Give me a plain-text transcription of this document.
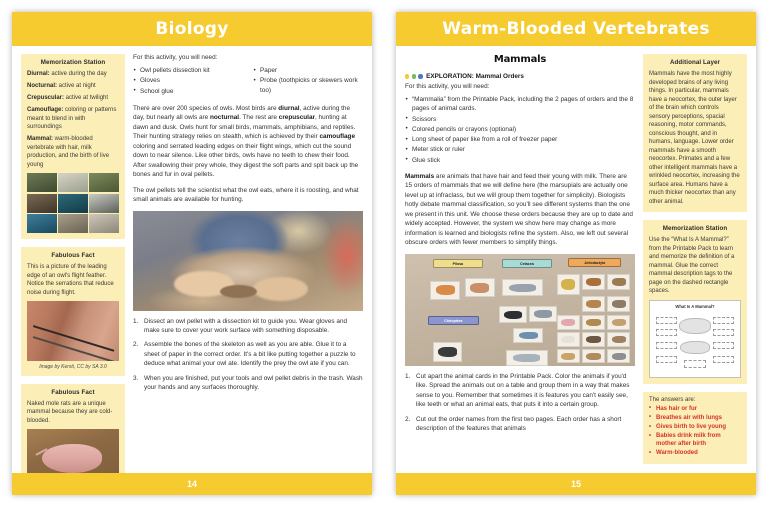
Biology
Memorization Station
Diurnal: active during the day
Nocturnal: active at night
Crepuscular: active at twilight
Camouflage: coloring or patterns meant to blend in with surroundings
Mammal: warm-blooded vertebrate with hair, milk production, and the birth of live young
Fabulous Fact

This is a picture of the leading edge of an owl's flight feather. Notice the serrations that reduce noise during flight.

Image by Kersti, CC by SA 3.0
Fabulous Fact

Naked mole rats are a unique mammal because they are cold-blooded.

For this activity, you will need:
• Owl pellets dissection kit
• Gloves
• School glue
• Paper
• Probe (toothpicks or skewers work too)

There are over 200 species of owls. Most birds are diurnal, active during the day, but nearly all owls are nocturnal. The rest are crepuscular, hunting at dawn and dusk. Owls hunt for small birds, mammals, amphibians, and reptiles. Their hunting strategy relies on stealth, which is achieved by their camouflage coloring and serrated leading edges on their flight wings, which cut the sound down to near silence. Like other birds, owls have no teeth to chew their food. After swallowing their prey whole, they digest the soft parts and spit back up the bones and fur in oval pellets.

The owl pellets tell the scientist what the owl eats, where it is roosting, and what small animals are available for hunting.

Dissect an owl pellet with a dissection kit to guide you. Wear gloves and make sure to cover your work surface with something disposable.
Assemble the bones of the skeleton as well as you are able. Glue it to a sheet of paper in the correct order. It's a bit like putting together a puzzle to deduce what animal your owl ate. Identify the prey the owl ate if you can.
When you are finished, put your tools and owl pellet debris in the trash. Wash your hands and any surfaces thoroughly.
14
Warm-Blooded Vertebrates
Mammals
EXPLORATION: Mammal Orders
For this activity, you will need:
• “Mammalia” from the Printable Pack, including the 2 pages of orders and the 8 pages of animal cards.
• Scissors
• Colored pencils or crayons (optional)
• Long sheet of paper like from a roll of freezer paper
• Meter stick or ruler
• Glue stick

Mammals are animals that have hair and feed their young with milk. There are 15 orders of mammals that we will define here (the marsupials are actually one level up at infraclass, but we will group them together for simplicity). Biologists hotly debate mammal classification, so you'll see different systems than the one we present in this unit. We choose these orders because they are up to date and widely accepted. However, the system we show here may change as more information is learned and biologists refine the system. Also, we left out several obscure orders with fewer members to simplify things.

Pilosa	Cetacea	Artiodactyla
Chiroptera
Cut apart the animal cards in the Printable Pack. Color the animals if you'd like. Spread the animals out on a table and group them in a way that makes sense to you. Remember that sometimes it is features you can't easily see, like teeth or what an animal eats, that puts it into a certain group.
Cut out the order names from the first two pages. Each order has a short description of the features that animals
Additional Layer

Mammals have the most highly developed brains of any living things. In particular, mammals have a neocortex, the outer layer of the brain which controls sensory perceptions, spacial reasoning, motor commands, conscious thought, and in humans, language. Lower order mammals have a smooth neocortex. Primates and a few other intelligent mammals have a wrinkled neocortex, increasing the surface area. Humans have a much thicker neocortex than any other animal.

Memorization Station

Use the “What Is A Mammal?” from the Printable Pack to learn and memorize the definition of a mammal. Glue the correct mammal description tags to the page on the dashed rectangle spaces.

What Is A Mammal?
The answers are:
• Has hair or fur
• Breathes air with lungs
• Gives birth to live young
• Babies drink milk from mother after birth
• Warm-blooded
15
